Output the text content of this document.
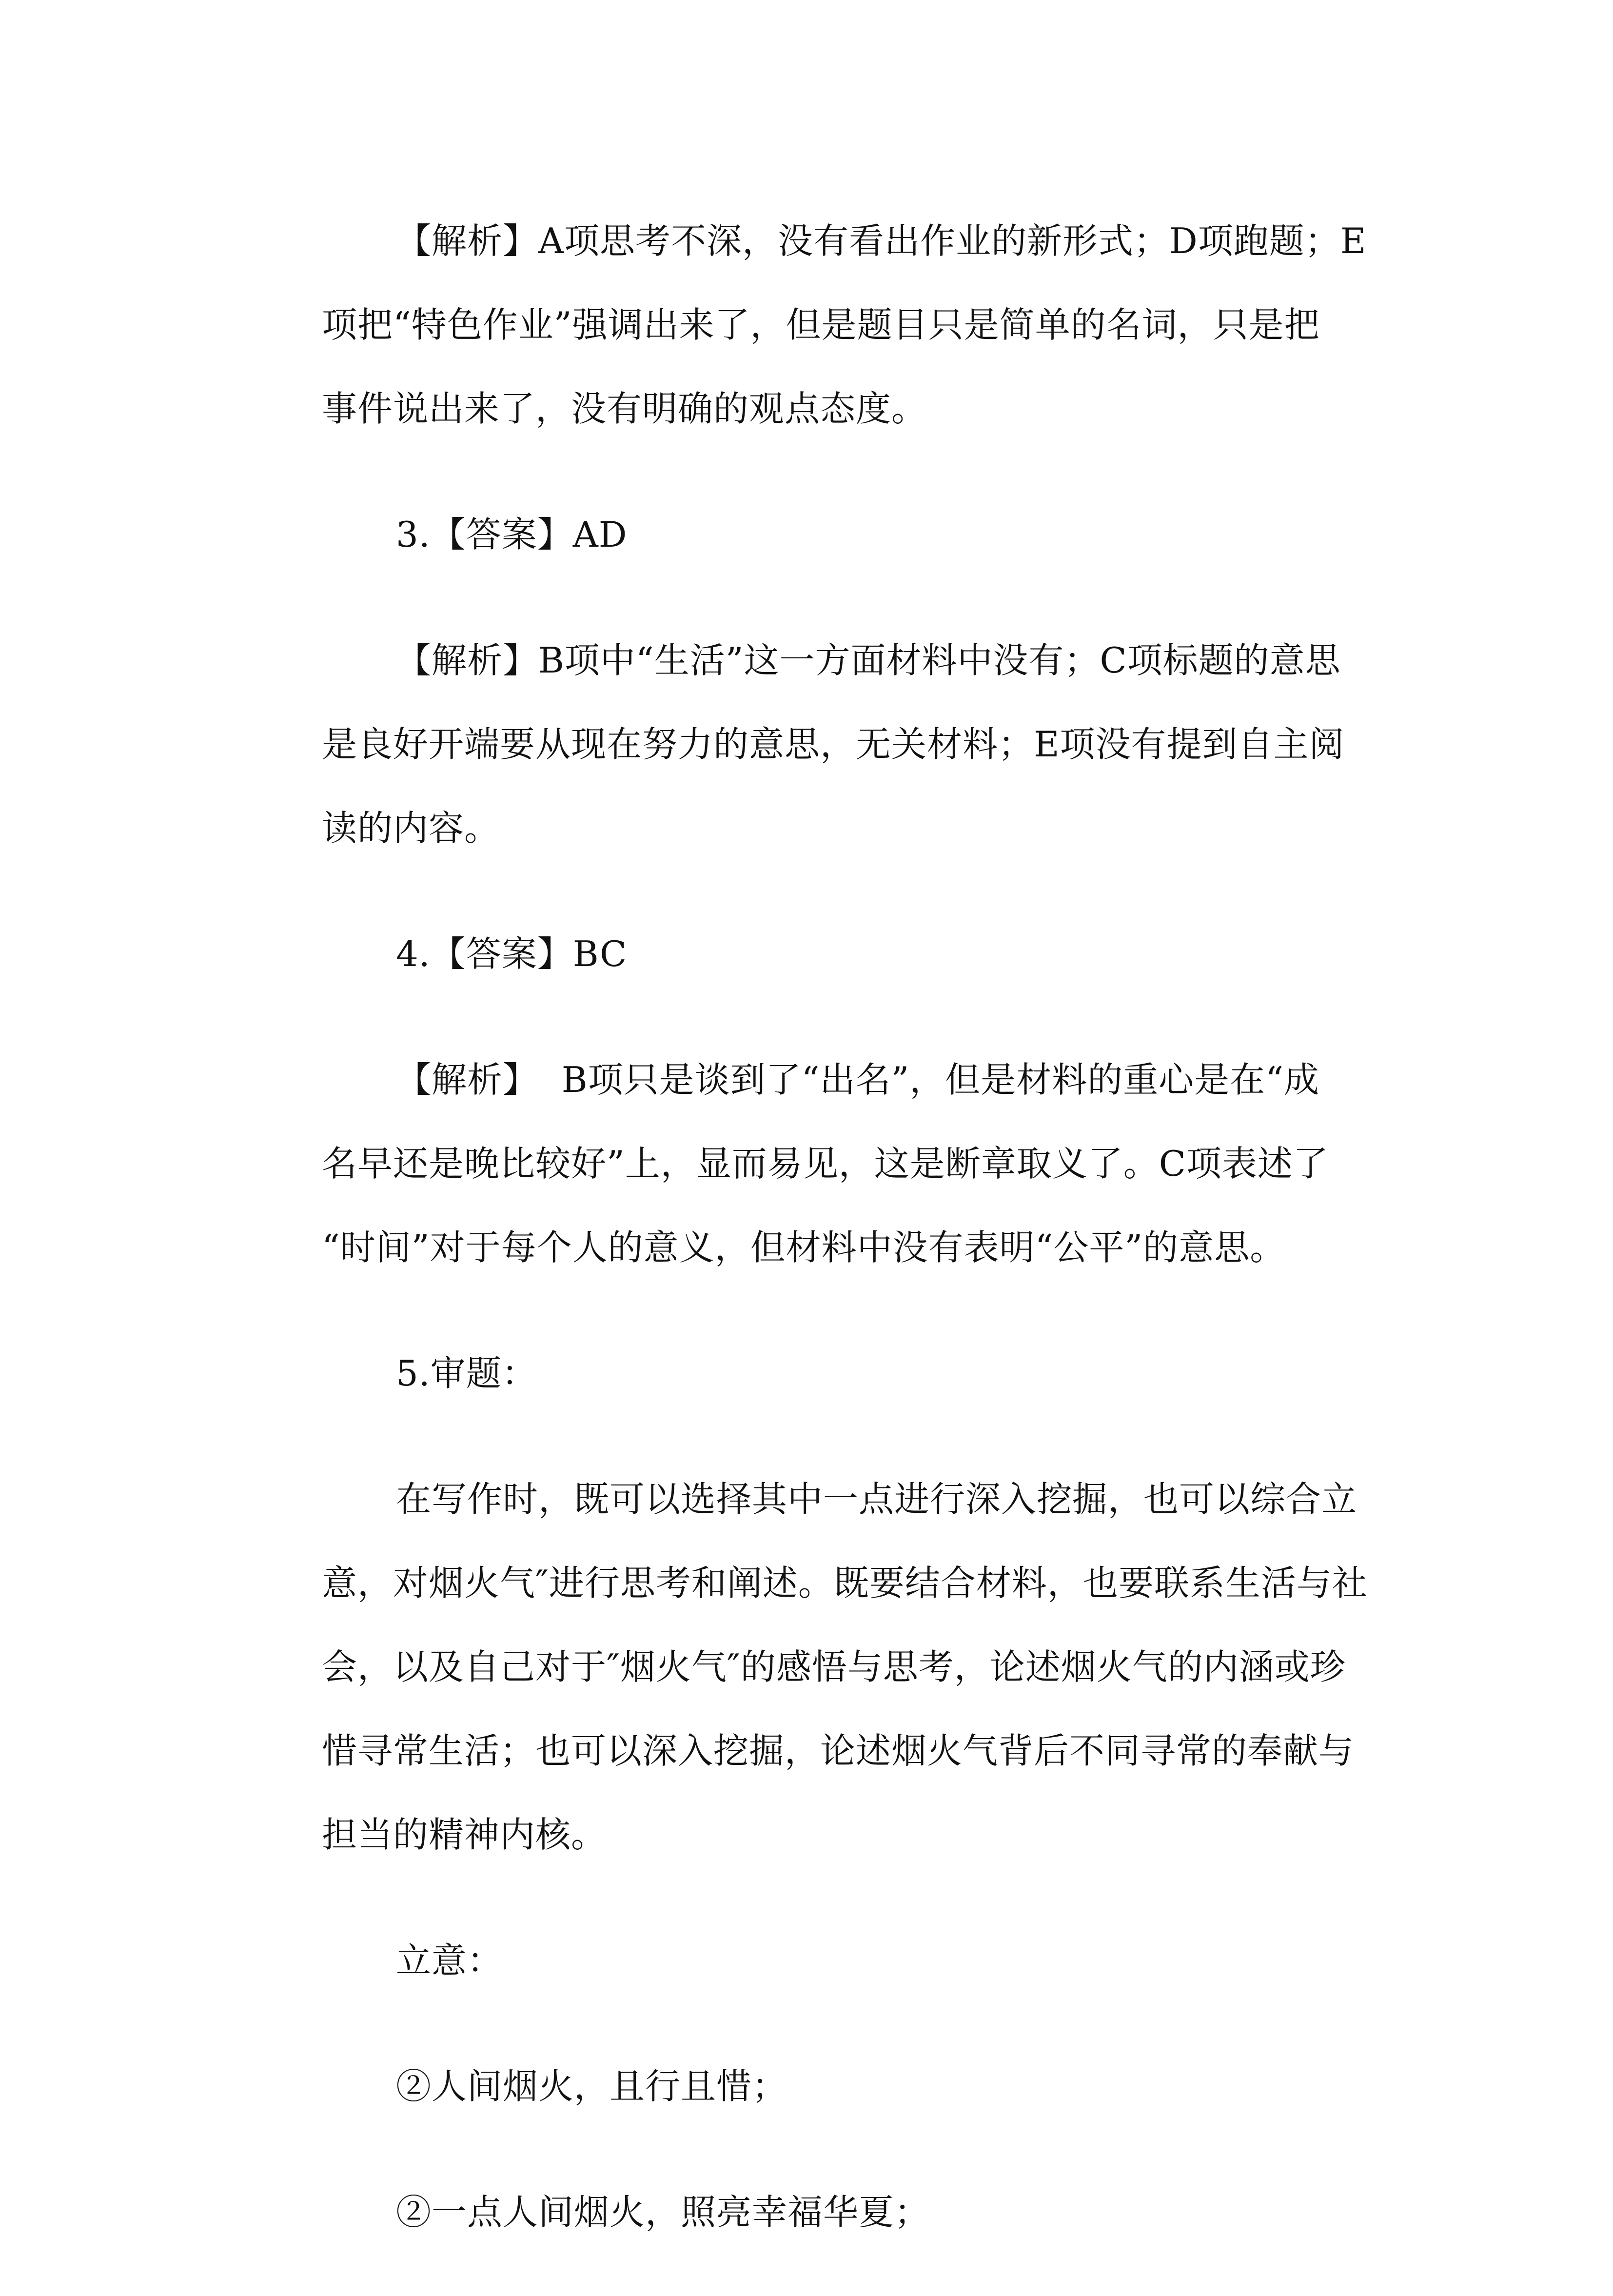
【解析】A项思考不深，没有看出作业的新形式；D项跑题；E
项把“特色作业”强调出来了，但是题目只是简单的名词，只是把
事件说出来了，没有明确的观点态度。
3.【答案】AD
【解析】B项中“生活”这一方面材料中没有；C项标题的意思
是良好开端要从现在努力的意思，无关材料；E项没有提到自主阅
读的内容。
4.【答案】BC
【解析】  B项只是谈到了“出名”，但是材料的重心是在“成
名早还是晚比较好”上，显而易见，这是断章取义了。C项表述了
“时间”对于每个人的意义，但材料中没有表明“公平”的意思。
5.审题：
在写作时，既可以选择其中一点进行深入挖掘，也可以综合立
意，对烟火气″进行思考和阐述。既要结合材料，也要联系生活与社
会，以及自己对于″烟火气″的感悟与思考，论述烟火气的内涵或珍
惜寻常生活；也可以深入挖掘，论述烟火气背后不同寻常的奉献与
担当的精神内核。
立意：
②人间烟火，且行且惜；
②一点人间烟火，照亮幸福华夏；
